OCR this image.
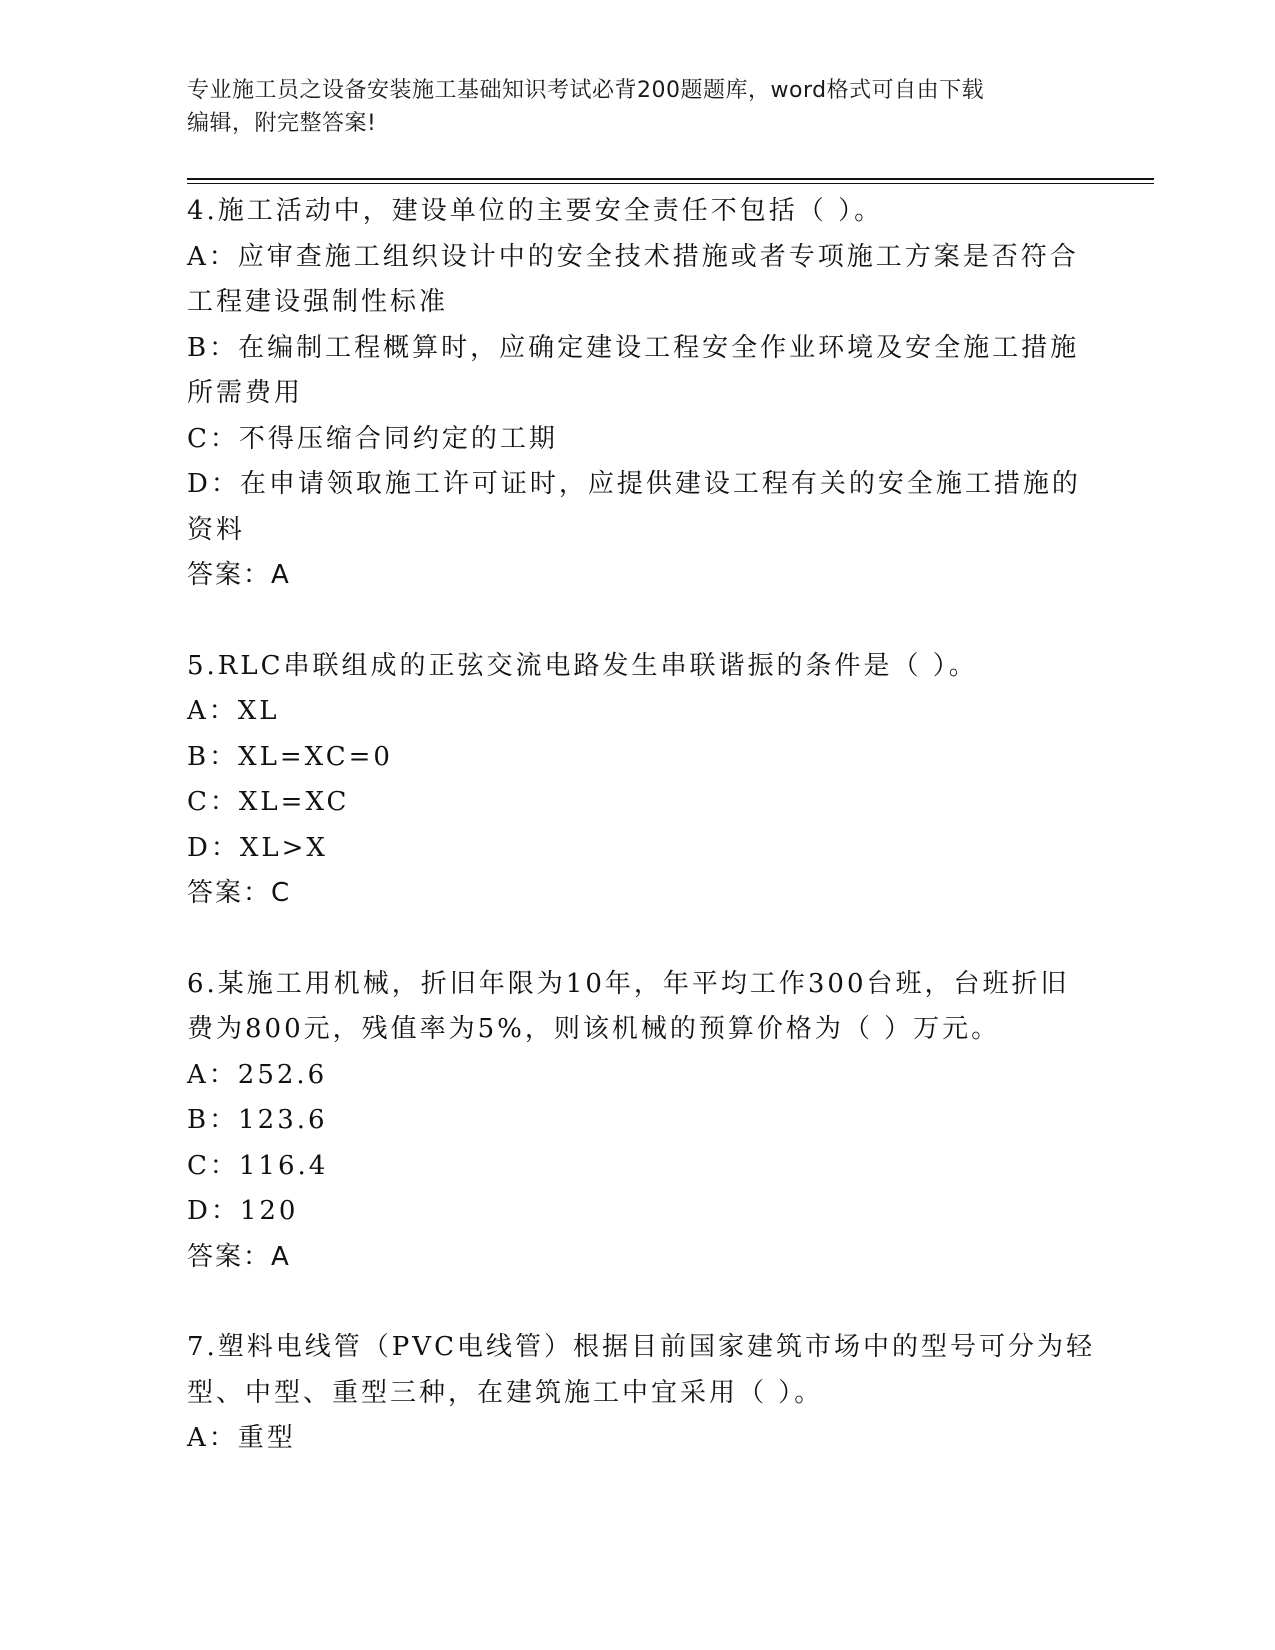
专业施工员之设备安装施工基础知识考试必背200题题库，word格式可自由下载
编辑，附完整答案!
4.施工活动中，建设单位的主要安全责任不包括（ ）。
A：应审查施工组织设计中的安全技术措施或者专项施工方案是否符合
工程建设强制性标准
B：在编制工程概算时，应确定建设工程安全作业环境及安全施工措施
所需费用
C：不得压缩合同约定的工期
D：在申请领取施工许可证时，应提供建设工程有关的安全施工措施的
资料
答案：A
5.RLC串联组成的正弦交流电路发生串联谐振的条件是（ ）。
A：XL
B：XL=XC=0
C：XL=XC
D：XL>X
答案：C
6.某施工用机械，折旧年限为10年，年平均工作300台班，台班折旧
费为800元，残值率为5%，则该机械的预算价格为（ ）万元。
A：252.6
B：123.6
C：116.4
D：120
答案：A
7.塑料电线管（PVC电线管）根据目前国家建筑市场中的型号可分为轻
型、中型、重型三种，在建筑施工中宜采用（ ）。
A：重型
